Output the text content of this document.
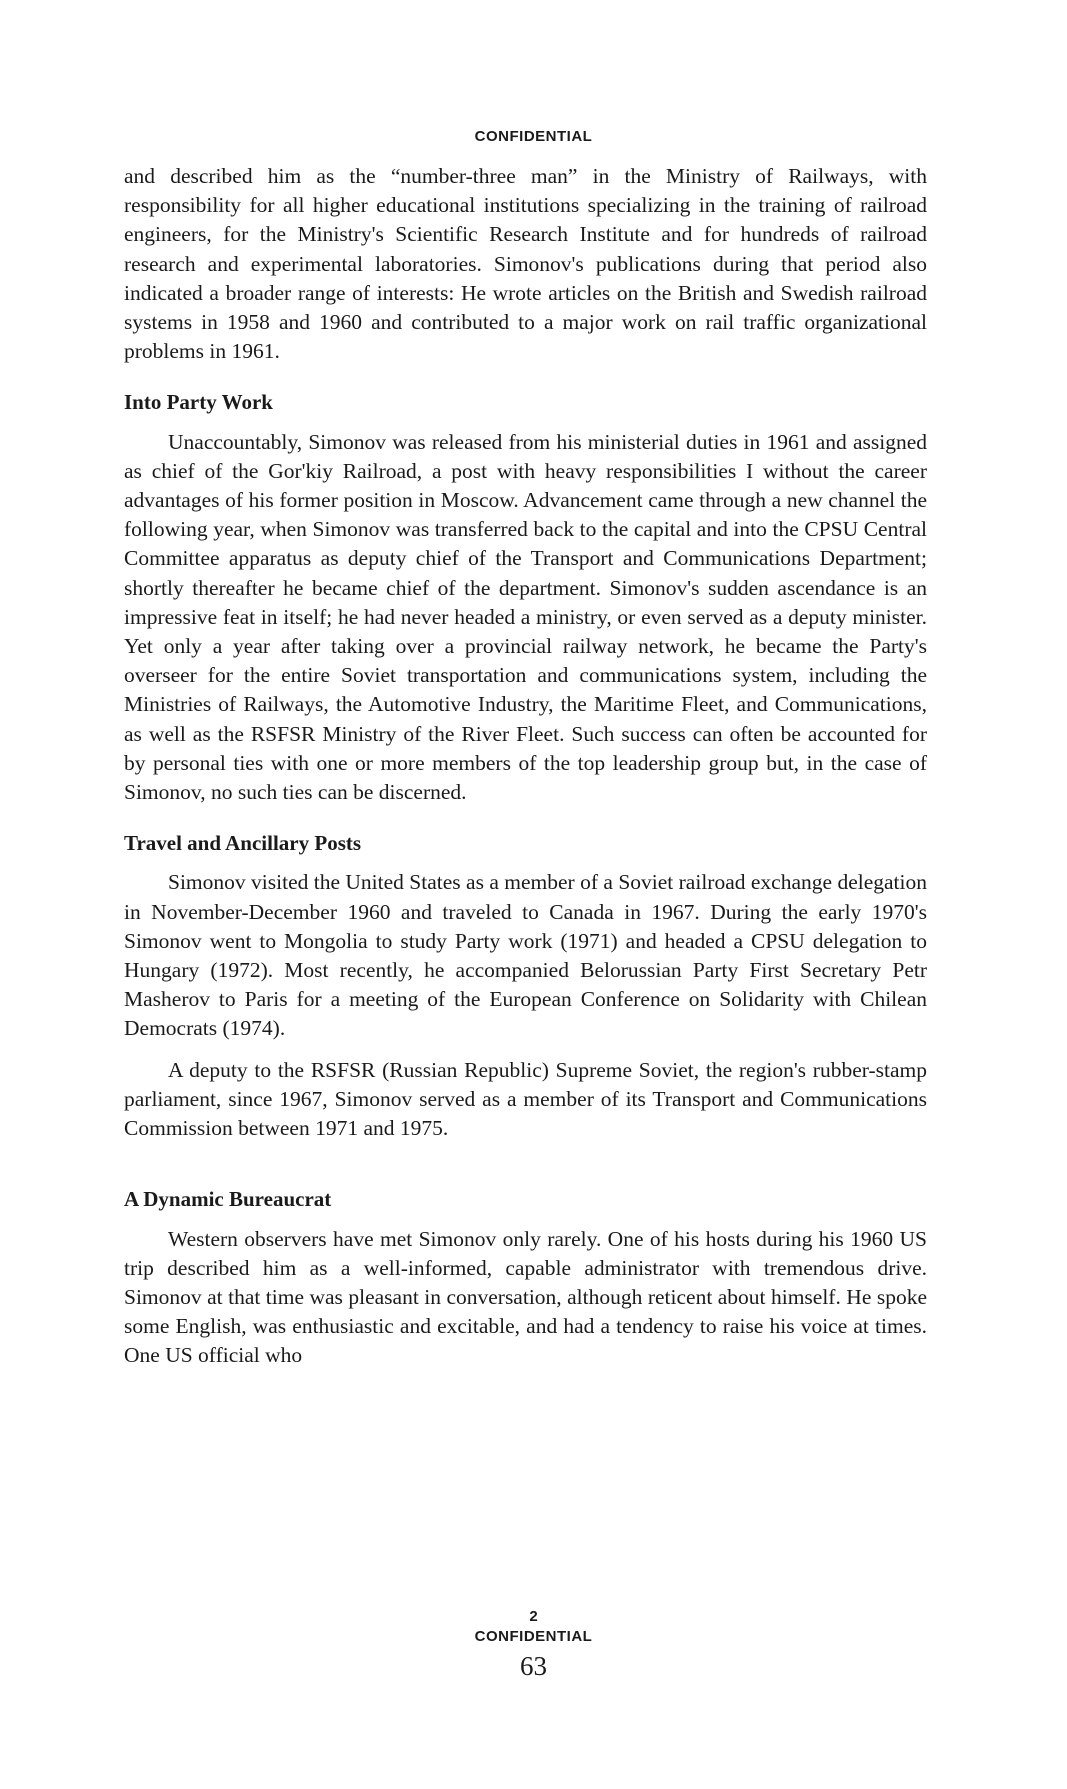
CONFIDENTIAL

and described him as the “number-three man” in the Ministry of Railways, with responsibility for all higher educational institutions specializing in the training of railroad engineers, for the Ministry's Scientific Research Institute and for hundreds of railroad research and experimental laboratories. Simonov's publications during that period also indicated a broader range of interests: He wrote articles on the British and Swedish railroad systems in 1958 and 1960 and contributed to a major work on rail traffic organizational problems in 1961.

Into Party Work

Unaccountably, Simonov was released from his ministerial duties in 1961 and assigned as chief of the Gor'kiy Railroad, a post with heavy responsibilities I without the career advantages of his former position in Moscow. Advancement came through a new channel the following year, when Simonov was transferred back to the capital and into the CPSU Central Committee apparatus as deputy chief of the Transport and Communications Department; shortly thereafter he became chief of the department. Simonov's sudden ascendance is an impressive feat in itself; he had never headed a ministry, or even served as a deputy minister. Yet only a year after taking over a provincial railway network, he became the Party's overseer for the entire Soviet transportation and communications system, including the Ministries of Railways, the Automotive Industry, the Maritime Fleet, and Communications, as well as the RSFSR Ministry of the River Fleet. Such success can often be accounted for by personal ties with one or more members of the top leadership group but, in the case of Simonov, no such ties can be discerned.

Travel and Ancillary Posts

Simonov visited the United States as a member of a Soviet railroad exchange delegation in November-December 1960 and traveled to Canada in 1967. During the early 1970's Simonov went to Mongolia to study Party work (1971) and headed a CPSU delegation to Hungary (1972). Most recently, he accompanied Belorussian Party First Secretary Petr Masherov to Paris for a meeting of the European Conference on Solidarity with Chilean Democrats (1974).

A deputy to the RSFSR (Russian Republic) Supreme Soviet, the region's rubber-stamp parliament, since 1967, Simonov served as a member of its Transport and Communications Commission between 1971 and 1975.

A Dynamic Bureaucrat

Western observers have met Simonov only rarely. One of his hosts during his 1960 US trip described him as a well-informed, capable administrator with tremendous drive. Simonov at that time was pleasant in conversation, although reticent about himself. He spoke some English, was enthusiastic and excitable, and had a tendency to raise his voice at times. One US official who

2
CONFIDENTIAL
63
